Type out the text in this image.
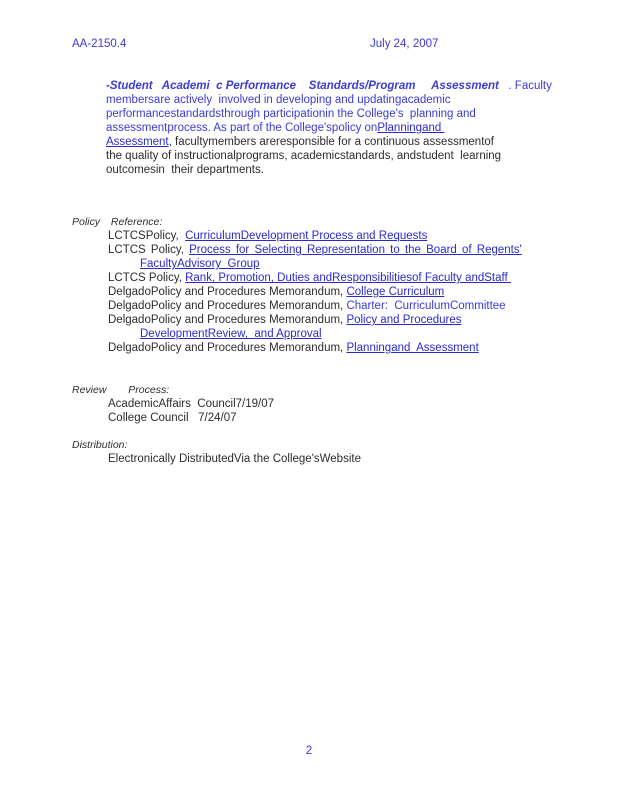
AA-2150.4	July 24, 2007
-Student   Academi  c Performance    Standards/Program     Assessment   . Faculty
membersare actively  involved in developing and updatingacademic
performancestandardsthrough participationin the College's  planning and
assessmentprocess. As part of the College'spolicy onPlanningand
Assessment, facultymembers areresponsible for a continuous assessmentof
the quality of instructionalprograms, academicstandards, andstudent  learning
outcomesin  their departments.
Policy Reference:
LCTCSPolicy,  CurriculumDevelopment Process and Requests
LCTCS Policy, Process for Selecting Representation to the Board of Regents'
FacultyAdvisory  Group
LCTCS Policy, Rank, Promotion, Duties andResponsibilitiesof Faculty andStaff
DelgadoPolicy and Procedures Memorandum, College Curriculum
DelgadoPolicy and Procedures Memorandum, Charter:  CurriculumCommittee
DelgadoPolicy and Procedures Memorandum, Policy and Procedures
DevelopmentReview,  and Approval
DelgadoPolicy and Procedures Memorandum, Planningand  Assessment
Review  Process:
AcademicAffairs  Council7/19/07
College Council   7/24/07
Distribution:
Electronically DistributedVia the College'sWebsite
2
